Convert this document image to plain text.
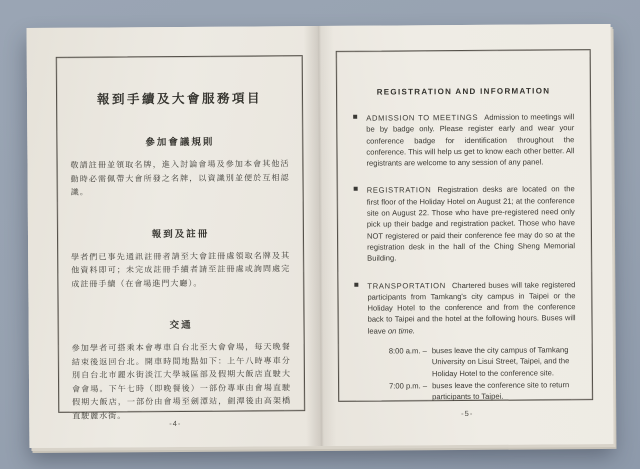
報到手續及大會服務項目
參加會議規則

敬請註冊並領取名牌，進入討論會場及參加本會其他活動時必需佩帶大會所發之名牌，以資識別並便於互相認識。

報到及註冊

學者們已事先通訊註冊者請至大會註冊處領取名牌及其他資料即可；未完成註冊手續者請至註冊處或詢問處完成註冊手續（在會場進門大廳）。

交通

參加學者可搭乘本會專車自台北至大會會場，每天晚餐結束後返回台北。開車時間地點如下：上午八時專車分別自台北市麗水街淡江大學城區部及假期大飯店直駛大會會場。下午七時（即晚餐後）一部份專車由會場直駛假期大飯店，一部份由會場至劍潭站，劍潭後由高架橋直駛麗水街。

-4-
REGISTRATION AND INFORMATION

ADMISSION TO MEETINGS Admission to meetings will be by badge only. Please register early and wear your conference badge for identification throughout the conference. This will help us get to know each other better. All registrants are welcome to any session of any panel.

REGISTRATION Registration desks are located on the first floor of the Holiday Hotel on August 21; at the conference site on August 22. Those who have pre-registered need only pick up their badge and registration packet. Those who have NOT registered or paid their conference fee may do so at the registration desk in the hall of the Ching Sheng Memorial Building.

TRANSPORTATION Chartered buses will take registered participants from Tamkang's city campus in Taipei or the Holiday Hotel to the conference and from the conference back to Taipei and the hotel at the following hours. Buses will leave on time.

8:00 a.m. – buses leave the city campus of Tamkang University on Lisui Street, Taipei, and the Holiday Hotel to the conference site.
7:00 p.m. – buses leave the conference site to return participants to Taipei.
-5-
